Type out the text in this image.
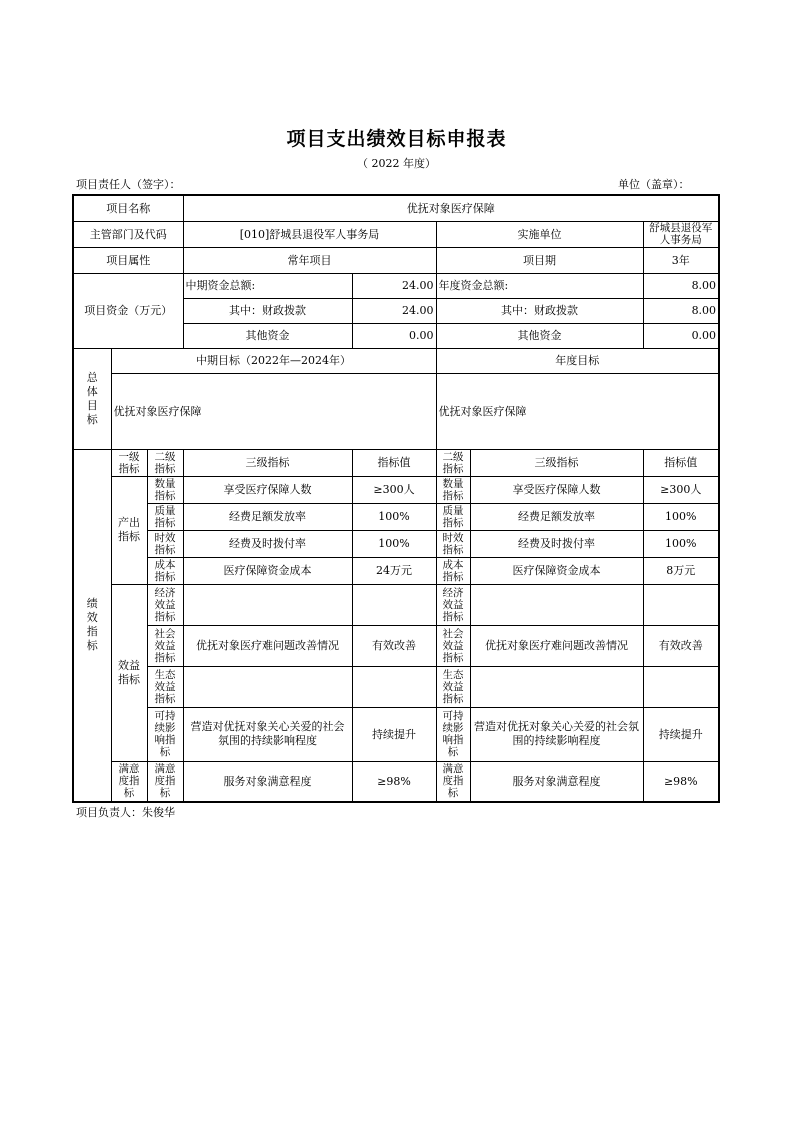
项目支出绩效目标申报表
（ 2022 年度）
项目责任人（签字）：	单位（盖章）：
项目名称			优抚对象医疗保障				
主管部门及代码			[010]舒城县退役军人事务局		实施单位		舒城县退役军人事务局
项目属性			常年项目		项目期		3年
项目资金（万元）			中期资金总额:	24.00	年度资金总额:		8.00
			其中：财政拨款	24.00	其中：财政拨款		8.00
			其他资金	0.00	其他资金		0.00
总体目标	中期目标（2022年—2024年）				年度目标		
	优抚对象医疗保障				优抚对象医疗保障		
绩效指标	一级指标	二级指标	三级指标	指标值	二级指标	三级指标	指标值
	产出指标	数量指标	享受医疗保障人数	≥300人	数量指标	享受医疗保障人数	≥300人
		质量指标	经费足额发放率	100%	质量指标	经费足额发放率	100%
		时效指标	经费及时拨付率	100%	时效指标	经费及时拨付率	100%
		成本指标	医疗保障资金成本	24万元	成本指标	医疗保障资金成本	8万元
	效益指标	经济效益指标			经济效益指标		
		社会效益指标	优抚对象医疗难问题改善情况	有效改善	社会效益指标	优抚对象医疗难问题改善情况	有效改善
		生态效益指标			生态效益指标		
		可持续影响指标	营造对优抚对象关心关爱的社会氛围的持续影响程度	持续提升	可持续影响指标	营造对优抚对象关心关爱的社会氛围的持续影响程度	持续提升
	满意度指标	满意度指标	服务对象满意程度	≥98%	满意度指标	服务对象满意程度	≥98%
项目负责人：朱俊华
